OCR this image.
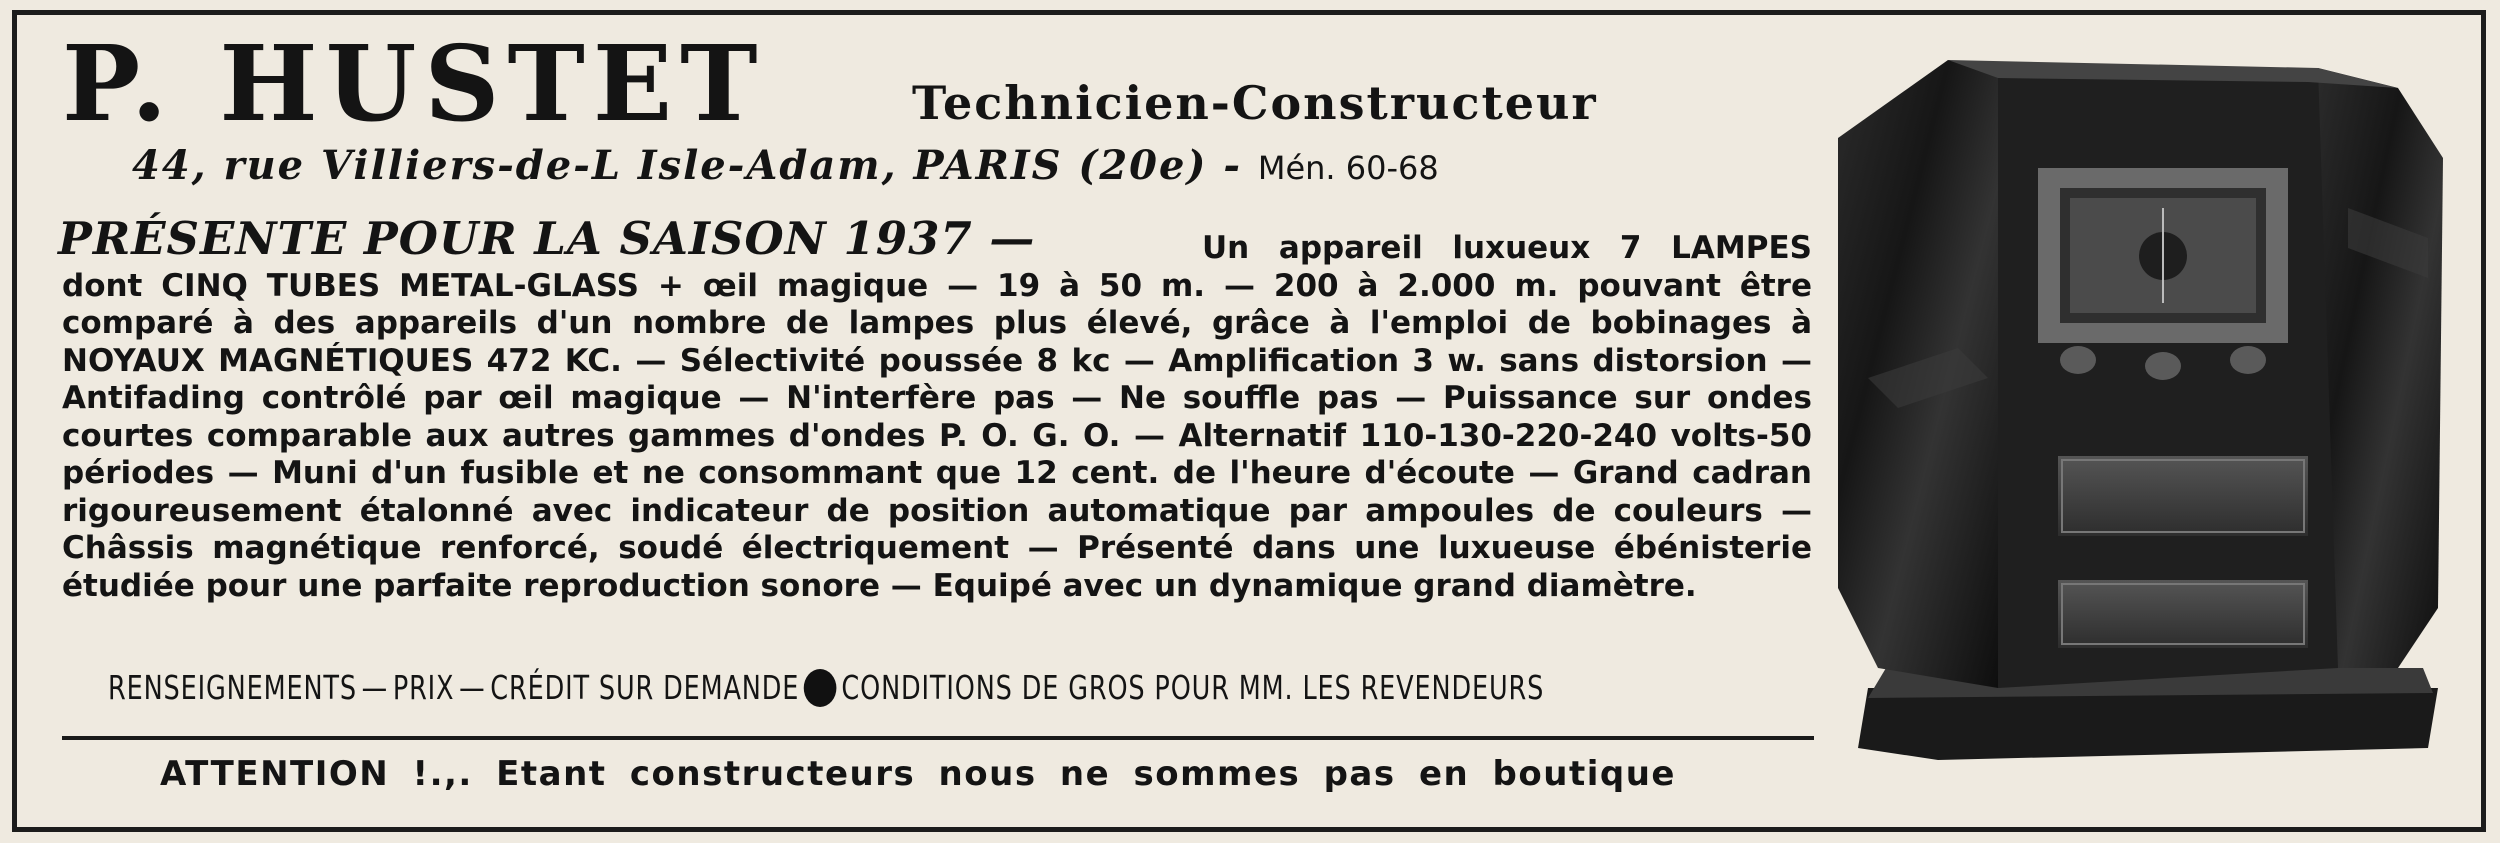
P. HUSTET	Technicien-Constructeur
44, rue Villiers-de-L Isle-Adam, PARIS (20e) - Mén. 60-68
PRÉSENTE POUR LA SAISON 1937 —	Un appareil luxueux 7 LAMPES dont CINQ TUBES METAL-GLASS + œil magique — 19 à 50 m. — 200 à 2.000 m. pouvant être comparé à des appareils d'un nombre de lampes plus élevé, grâce à l'emploi de bobinages à NOYAUX MAGNÉTIQUES 472 KC. — Sélectivité poussée 8 kc — Amplification 3 w. sans distorsion — Antifading contrôlé par œil magique — N'interfère pas — Ne souffle pas — Puissance sur ondes courtes comparable aux autres gammes d'ondes P. O. G. O. — Alternatif 110-130-220-240 volts-50 périodes — Muni d'un fusible et ne consommant que 12 cent. de l'heure d'écoute — Grand cadran rigoureusement étalonné avec indicateur de position automatique par ampoules de couleurs — Châssis magnétique renforcé, soudé électriquement — Présenté dans une luxueuse ébénisterie étudiée pour une parfaite reproduction sonore — Equipé avec un dynamique grand diamètre.

RENSEIGNEMENTS — PRIX — CRÉDIT SUR DEMANDE CONDITIONS DE GROS POUR MM. LES REVENDEURS
ATTENTION !.,. Etant constructeurs nous ne sommes pas en boutique
